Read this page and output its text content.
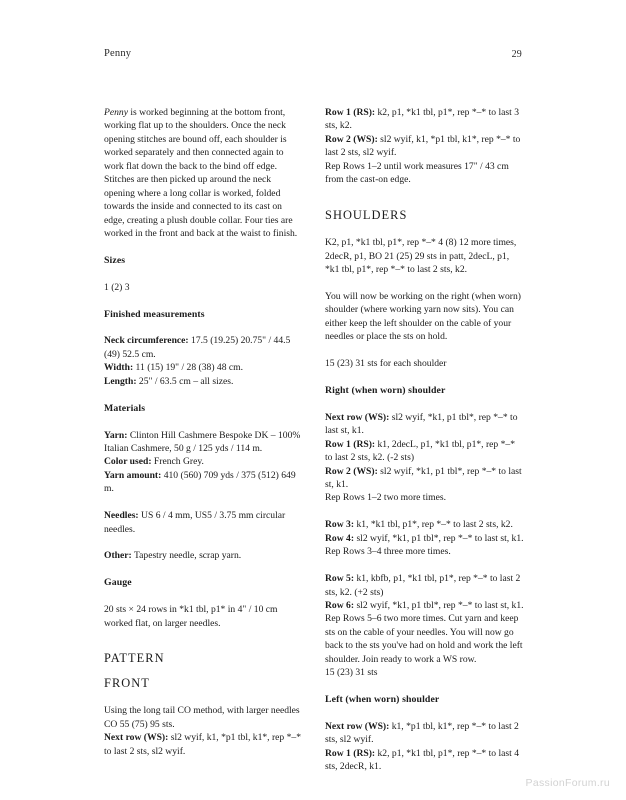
Penny	29

Penny is worked beginning at the bottom front, working flat up to the shoulders. Once the neck opening stitches are bound off, each shoulder is worked separately and then connected again to work flat down the back to the bind off edge. Stitches are then picked up around the neck opening where a long collar is worked, folded towards the inside and connected to its cast on edge, creating a plush double collar. Four ties are worked in the front and back at the waist to finish.

Sizes

1 (2) 3

Finished measurements

Neck circumference: 17.5 (19.25) 20.75" / 44.5 (49) 52.5 cm.

Width: 11 (15) 19" / 28 (38) 48 cm.

Length: 25" / 63.5 cm – all sizes.

Materials

Yarn: Clinton Hill Cashmere Bespoke DK – 100% Italian Cashmere, 50 g / 125 yds / 114 m.

Color used: French Grey.

Yarn amount: 410 (560) 709 yds / 375 (512) 649 m.

Needles: US 6 / 4 mm, US5 / 3.75 mm circular needles.

Other: Tapestry needle, scrap yarn.

Gauge

20 sts × 24 rows in *k1 tbl, p1* in 4" / 10 cm worked flat, on larger needles.

PATTERN

FRONT

Using the long tail CO method, with larger needles CO 55 (75) 95 sts.

Next row (WS): sl2 wyif, k1, *p1 tbl, k1*, rep *–* to last 2 sts, sl2 wyif.

Row 1 (RS): k2, p1, *k1 tbl, p1*, rep *–* to last 3 sts, k2.

Row 2 (WS): sl2 wyif, k1, *p1 tbl, k1*, rep *–* to last 2 sts, sl2 wyif.

Rep Rows 1–2 until work measures 17" / 43 cm from the cast-on edge.

SHOULDERS

K2, p1, *k1 tbl, p1*, rep *–* 4 (8) 12 more times, 2decR, p1, BO 21 (25) 29 sts in patt, 2decL, p1, *k1 tbl, p1*, rep *–* to last 2 sts, k2.

You will now be working on the right (when worn) shoulder (where working yarn now sits). You can either keep the left shoulder on the cable of your needles or place the sts on hold.

15 (23) 31 sts for each shoulder

Right (when worn) shoulder

Next row (WS): sl2 wyif, *k1, p1 tbl*, rep *–* to last st, k1.

Row 1 (RS): k1, 2decL, p1, *k1 tbl, p1*, rep *–* to last 2 sts, k2. (-2 sts)

Row 2 (WS): sl2 wyif, *k1, p1 tbl*, rep *–* to last st, k1.

Rep Rows 1–2 two more times.

Row 3: k1, *k1 tbl, p1*, rep *–* to last 2 sts, k2.

Row 4: sl2 wyif, *k1, p1 tbl*, rep *–* to last st, k1.

Rep Rows 3–4 three more times.

Row 5: k1, kbfb, p1, *k1 tbl, p1*, rep *–* to last 2 sts, k2. (+2 sts)

Row 6: sl2 wyif, *k1, p1 tbl*, rep *–* to last st, k1.

Rep Rows 5–6 two more times. Cut yarn and keep sts on the cable of your needles. You will now go back to the sts you've had on hold and work the left shoulder. Join ready to work a WS row.

15 (23) 31 sts

Left (when worn) shoulder

Next row (WS): k1, *p1 tbl, k1*, rep *–* to last 2 sts, sl2 wyif.

Row 1 (RS): k2, p1, *k1 tbl, p1*, rep *–* to last 4 sts, 2decR, k1.

PassionForum.ru
